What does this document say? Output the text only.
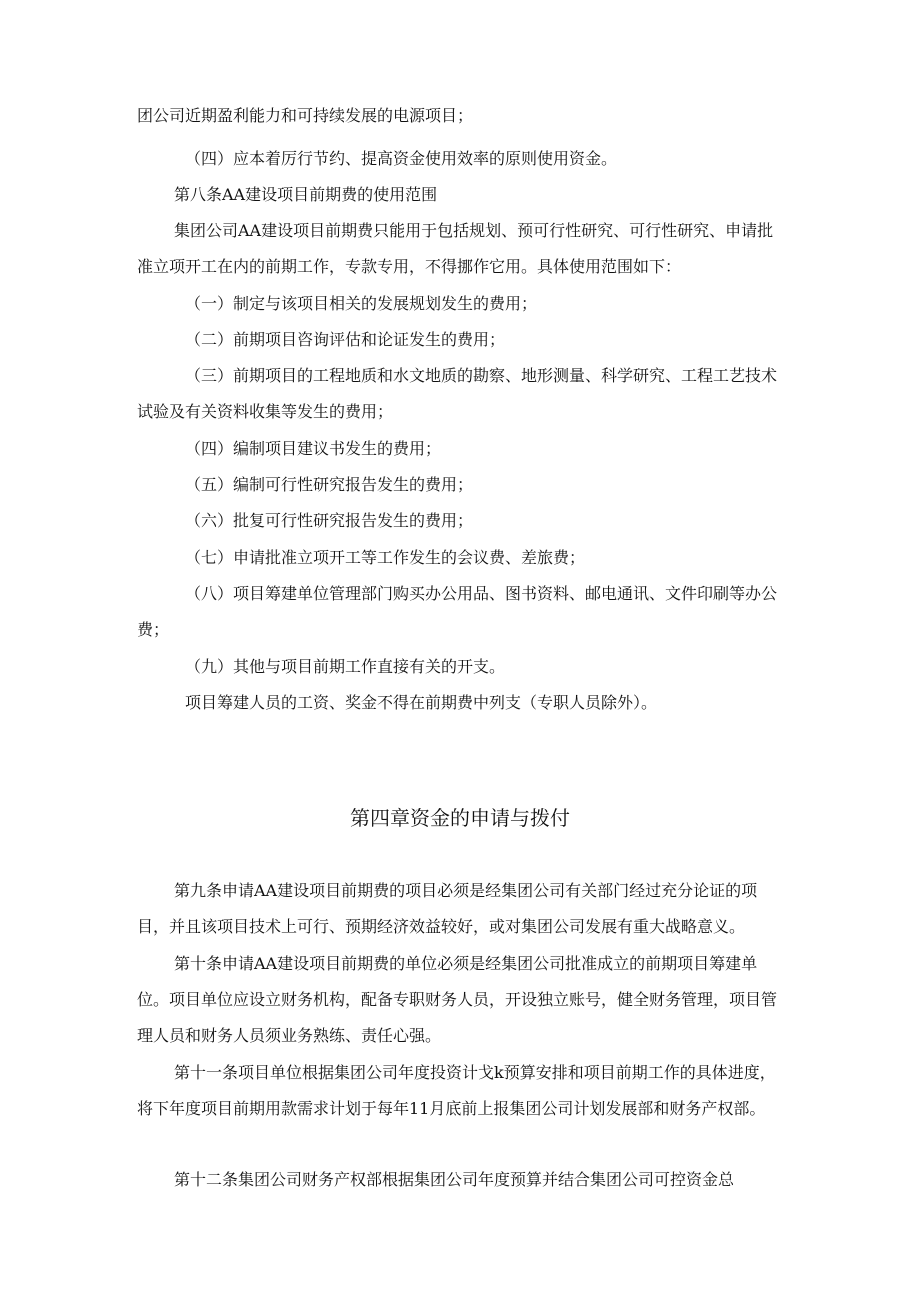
团公司近期盈利能力和可持续发展的电源项目；

（四）应本着厉行节约、提高资金使用效率的原则使用资金。

第八条AA建设项目前期费的使用范围

集团公司AA建设项目前期费只能用于包括规划、预可行性研究、可行性研究、申请批准立项开工在内的前期工作，专款专用，不得挪作它用。具体使用范围如下：

（一）制定与该项目相关的发展规划发生的费用；

（二）前期项目咨询评估和论证发生的费用；

（三）前期项目的工程地质和水文地质的勘察、地形测量、科学研究、工程工艺技术试验及有关资料收集等发生的费用；

（四）编制项目建议书发生的费用；

（五）编制可行性研究报告发生的费用；

（六）批复可行性研究报告发生的费用；

（七）申请批准立项开工等工作发生的会议费、差旅费；

（八）项目筹建单位管理部门购买办公用品、图书资料、邮电通讯、文件印刷等办公费；

（九）其他与项目前期工作直接有关的开支。

项目筹建人员的工资、奖金不得在前期费中列支（专职人员除外）。

第四章资金的申请与拨付

第九条申请AA建设项目前期费的项目必须是经集团公司有关部门经过充分论证的项目，并且该项目技术上可行、预期经济效益较好，或对集团公司发展有重大战略意义。

第十条申请AA建设项目前期费的单位必须是经集团公司批准成立的前期项目筹建单位。项目单位应设立财务机构，配备专职财务人员，开设独立账号，健全财务管理，项目管理人员和财务人员须业务熟练、责任心强。

第十一条项目单位根据集团公司年度投资计戈k预算安排和项目前期工作的具体进度，将下年度项目前期用款需求计划于每年11月底前上报集团公司计划发展部和财务产权部。

第十二条集团公司财务产权部根据集团公司年度预算并结合集团公司可控资金总
